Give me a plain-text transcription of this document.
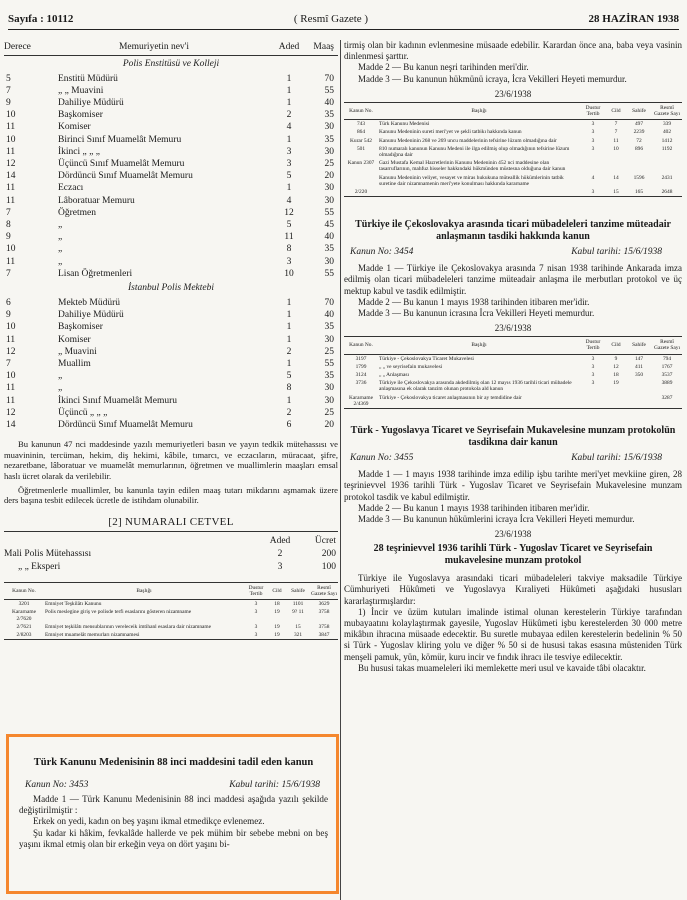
Sayıfa : 10112	( Resmî Gazete )	28 HAZİRAN 1938
Derece	Memuriyetin nev'i	Aded	Maaş
Polis Enstitüsü ve Kolleji			
5	Enstitü Müdürü	1	70
7	„ „ Muavini	1	55
9	Dahiliye Müdürü	1	40
10	Başkomiser	2	35
11	Komiser	4	30
10	Birinci Sınıf Muamelât Memuru	1	35
11	İkinci „ „ „	3	30
12	Üçüncü Sınıf Muamelât Memuru	3	25
14	Dördüncü Sınıf Muamelât Memuru	5	20
11	Eczacı	1	30
11	Lâboratuar Memuru	4	30
7	Öğretmen	12	55
8	„	5	45
9	„	11	40
10	„	8	35
11	„	3	30
7	Lisan Öğretmenleri	10	55
İstanbul Polis Mektebi			
6	Mekteb Müdürü	1	70
9	Dahiliye Müdürü	1	40
10	Başkomiser	1	35
11	Komiser	1	30
12	„ Muavini	2	25
7	Muallim	1	55
10	„	5	35
11	„	8	30
11	İkinci Sınıf Muamelât Memuru	1	30
12	Üçüncü „ „ „	2	25
14	Dördüncü Sınıf Muamelât Memuru	6	20

Bu kanunun 47 nci maddesinde yazılı memuriyetleri basın ve yayın tedkik mütehassısı ve muavininin, tercüman, hekim, diş hekimi, kâbile, tımarcı, ve eczacıların, müracaat, şifre, nezaretbane, lâboratuar ve muamelât memurlarının, öğretmen ve muallimlerin maaşları emsal haslı ücret olarak da verilebilir.

Öğretmenlerle muallimler, bu kanunla tayin edilen maaş tutarı mikdarını aşmamak üzere ders başına tesbit edilecek ücretle de istihdam olunabilir.

[2] NUMARALI CETVEL
	Aded	Ücret
Mali Polis Mütehassısı	2	200
„ „ Eksperi	3	100
Kanun No.	Başlığı	Dustur Tertib	Cild	Sahife	Resmî Gazete Sayı
3201	Emniyet Teşkilâtı Kanunu	3	18	1101	3629
Kararname 2/7620	Polis meslegine giriş ve polisde terfi esaslarını gösteren nizamname	3	19	9? 11	3758
2/7621	Emniyet teşkilâtı mensublarının vereleceik imtihanl esaslara dair nizamname	3	19	15	3758
2/8203	Emniyet muamelât memurları nizamnamesi	3	19	321	3847
Türk Kanunu Medenisinin 88 inci maddesini tadil eden kanun
Kanun No: 3453	Kabul tarihi: 15/6/1938

Madde 1 — Türk Kanunu Medenisinin 88 inci maddesi aşağıda yazılı şekilde değiştirilmiştir :

Erkek on yedi, kadın on beş yaşını ikmal etmedikçe evlenemez.

Şu kadar ki hâkim, fevkalâde hallerde ve pek mühim bir sebebe mebni on beş yaşını ikmal etmiş olan bir erkeğin veya on dört yaşını bi-

tirmiş olan bir kadının evlenmesine müsaade edebilir. Karardan önce ana, baba veya vasinin dinlenmesi şarttır.

Madde 2 — Bu kanun neşri tarihinden meri'dir.

Madde 3 — Bu kanunun hükmünü icraya, İcra Vekilleri Heyeti memurdur.

23/6/1938
Kanun No.	Başlığı	Dustur Tertib	Cild	Sahife	Resmî Gazete Sayı
743	Türk Kanunu Medenisi	3	7	497	339
864	Kanunu Medeninin sureti meri'yet ve şekli tatbikı hakkında kanun	3	7	2239	402
Kurar 542	Kanunu Medeninin 268 ve 269 uncu maddelerinin tefsirine lüzum olmadığına dair	3	11	72	1412
501	810 numaralı kanunun Kanunu Medeni ile ilga edilmiş olup olmadığının tefsirine lüzum olmadığına dair	3	10	896	1192
Kanun 2307	Gazi Mustafa Kemal Hazretlerinin Kanunu Medeninin 452 nci maddesine olan tasarruflarının, mahfuz hisseler hakkındaki hükmünden müstesna olduğuna dair kanun				
	Kanunu Medeninin veliyet, vesayet ve miras hukukuna müteallik hükümlerinin tatbik suretine dair nizamnamenin meri'yete konulması hakkında kararname	4	14	1596	2431
2/220		3	15	165	2648
Türkiye ile Çekoslovakya arasında ticari mübadeleleri tanzime müteadair anlaşmanın tasdiki hakkında kanun
Kanun No: 3454	Kabul tarihi: 15/6/1938

Madde 1 — Türkiye ile Çekoslovakya arasında 7 nisan 1938 tarihinde Ankarada imza edilmiş olan ticari mübadeleleri tanzime müteadair anlaşma ile merbutları protokol ve üç mektup kabul ve tasdik edilmiştir.

Madde 2 — Bu kanun 1 mayıs 1938 tarihinden itibaren mer'idir.

Madde 3 — Bu kanunun icrasına İcra Vekilleri Heyeti memurdur.

23/6/1938
Kanun No.	Başlığı	Dustur Tertib	Cild	Sahife	Resmî Gazete Sayı
3197	Türkiye - Çekoslovakya Ticaret Mukavelesi	3	9	147	794
1799	„ „ ve seyrisefain mukavelesi	3	12	411	1767
3124	„ „ Anlaşması	3	18	350	3537
3736	Türkiye ile Çekoslovakya arasında akdedilmiş olan 12 mayıs 1936 tarihli ticari mübadele anlaşmasına ek olarak tanzim olunan protokola ald kanun	3	19		3889
Kararname 2/4369	Türkiye - Çekoslovakya ticaret anlaşmasının bir ay temdidine dair				3287
Türk - Yugoslavya Ticaret ve Seyrisefain Mukavelesine munzam protokolün tasdikına dair kanun
Kanun No: 3455	Kabul tarihi: 15/6/1938

Madde 1 — 1 mayıs 1938 tarihinde imza edilip işbu tarihte meri'yet mevkiine giren, 28 teşrinievvel 1936 tarihli Türk - Yugoslav Ticaret ve Seyrisefain Mukavelesine munzam protokol tasdik ve kabul edilmiştir.

Madde 2 — Bu kanun 1 mayıs 1938 tarihinden itibaren mer'idir.

Madde 3 — Bu kanunun hükümlerini icraya İcra Vekilleri Heyeti memurdur.

23/6/1938
28 teşrinievvel 1936 tarihli Türk - Yugoslav Ticaret ve Seyrisefain mukavelesine munzam protokol

Türkiye ile Yugoslavya arasındaki ticari mübadeleleri takviye maksadile Türkiye Cümhuriyeti Hükûmeti ve Yugoslavya Kıraliyeti Hükûmeti aşağıdaki hususları kararlaştırmışlardır:

1) İncir ve üzüm kutuları imalinde istimal olunan kerestelerin Türkiye tarafından mubayaatını kolaylaştırmak gayesile, Yugoslav Hükûmeti işbu kerestelerden 30 000 metre mikâbın ihracına müsaade edecektir. Bu suretle mubayaa edilen kerestelerin bedelinin % 50 si Türk - Yugoslav kliring yolu ve diğer % 50 si de hususi takas esasına müsteniden Türk menşeli pamuk, yün, kömür, kuru incir ve fındık ihracı ile tesviye edilecektir.

Bu hususi takas muameleleri iki memlekette meri usul ve kavaide tâbi olacaktır.
